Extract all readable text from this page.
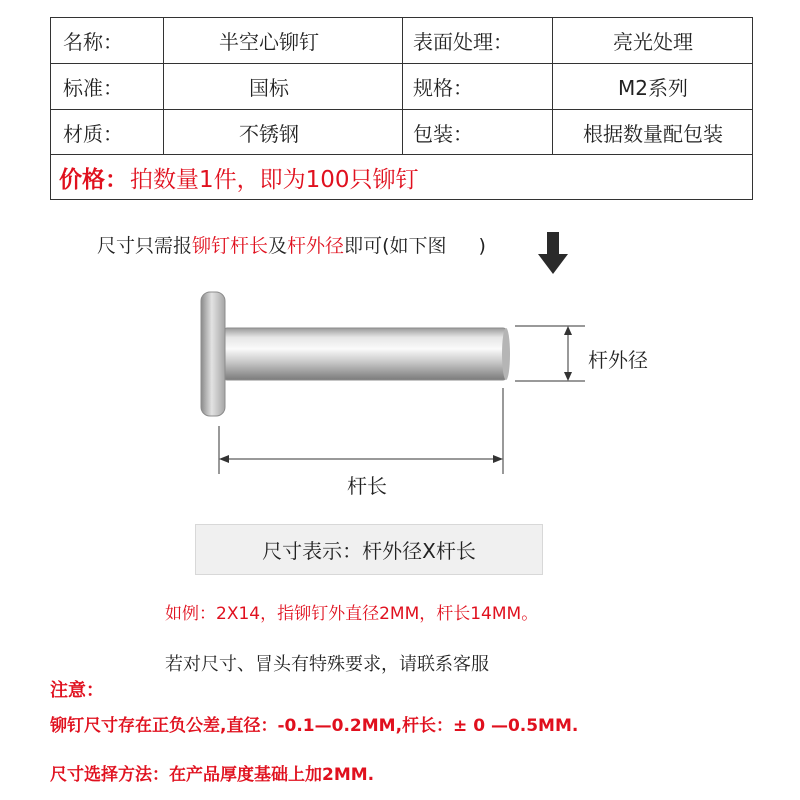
名称：	半空心铆钉	表面处理：	亮光处理
标准：	国标	规格：	M2系列
材质：	不锈钢	包装：	根据数量配包装
价格： 拍数量1件，即为100只铆钉
尺寸只需报铆钉杆长及杆外径即可(如下图 )
杆外径
杆长
尺寸表示：杆外径X杆长
如例：2X14，指铆钉外直径2MM，杆长14MM。
若对尺寸、冒头有特殊要求，请联系客服
注意：
铆钉尺寸存在正负公差,直径：-0.1—0.2MM,杆长：± 0 —0.5MM.
尺寸选择方法：在产品厚度基础上加2MM.
